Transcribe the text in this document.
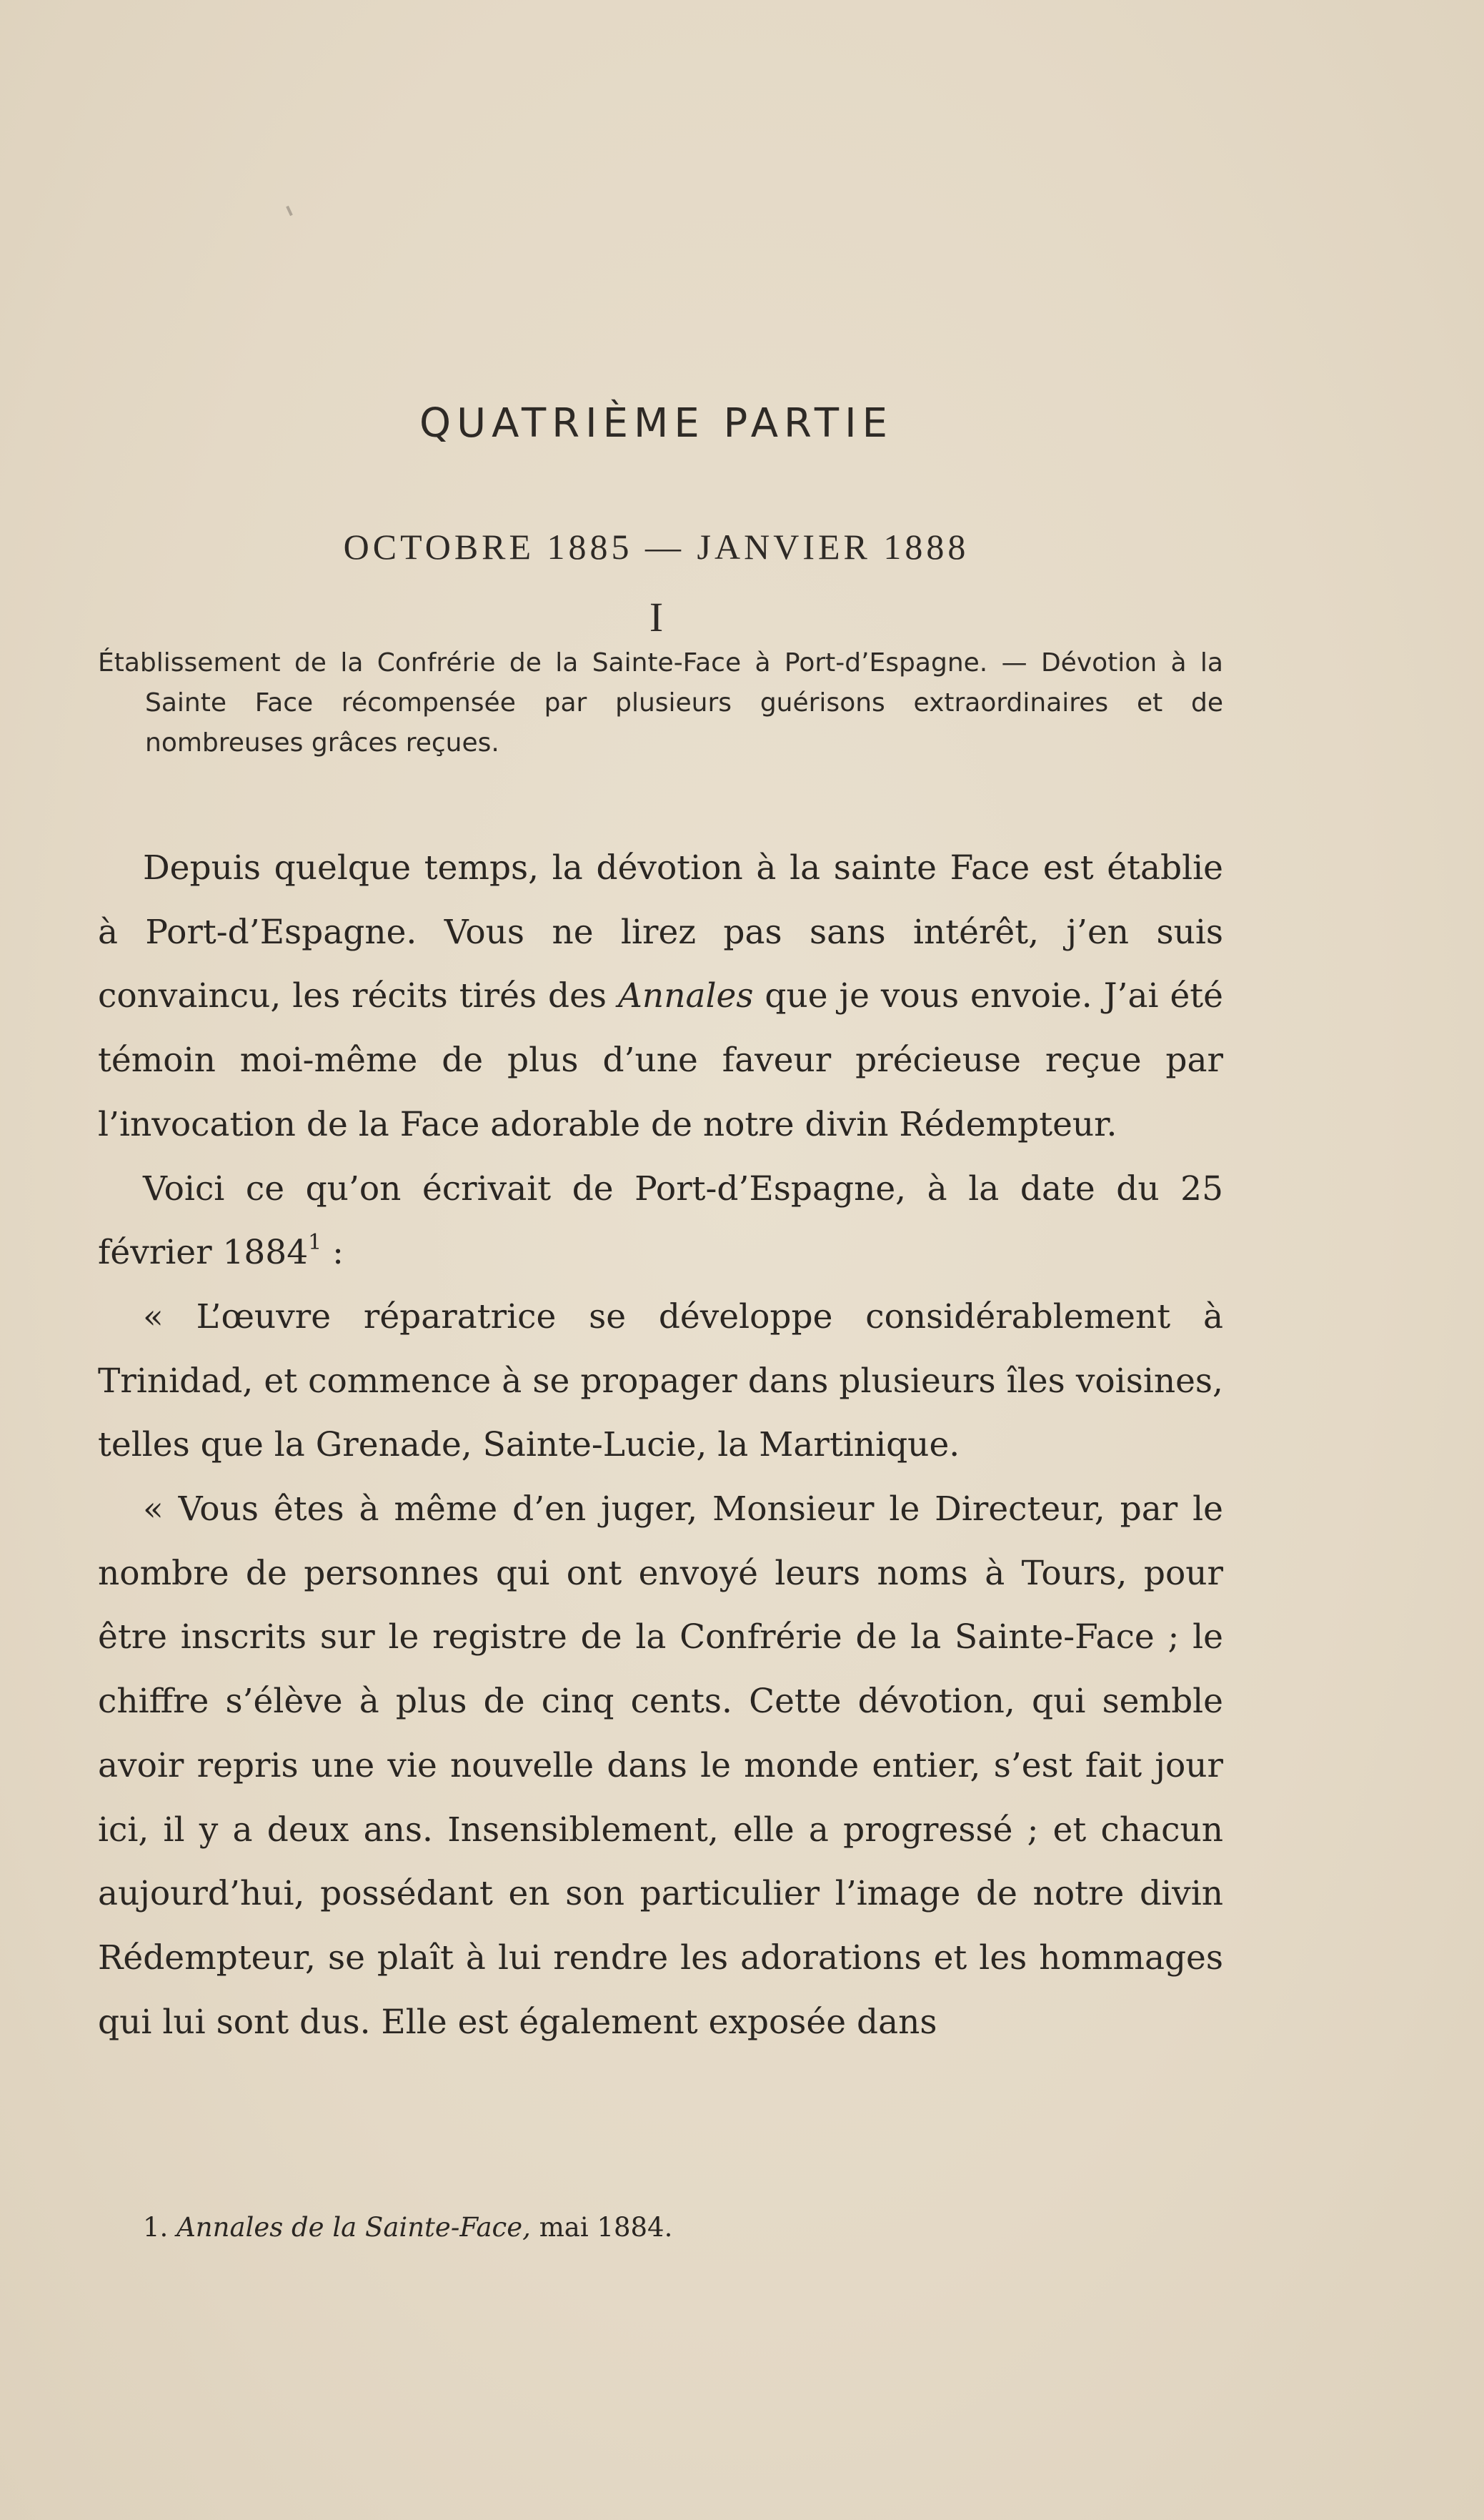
QUATRIÈME PARTIE
OCTOBRE 1885 — JANVIER 1888
I

Établissement de la Confrérie de la Sainte-Face à Port-d’Espagne. — Dévotion à la Sainte Face récompensée par plusieurs guérisons extraordinaires et de nombreuses grâces reçues.

Depuis quelque temps, la dévotion à la sainte Face est établie à Port-d’Espagne. Vous ne lirez pas sans intérêt, j’en suis convaincu, les récits tirés des Annales que je vous envoie. J’ai été témoin moi-même de plus d’une faveur précieuse reçue par l’invocation de la Face adorable de notre divin Rédempteur.

Voici ce qu’on écrivait de Port-d’Espagne, à la date du 25 février 1884$^1$ :

« L’œuvre réparatrice se développe considérablement à Trinidad, et commence à se propager dans plusieurs îles voisines, telles que la Grenade, Sainte-Lucie, la Martinique.

« Vous êtes à même d’en juger, Monsieur le Directeur, par le nombre de personnes qui ont envoyé leurs noms à Tours, pour être inscrits sur le registre de la Confrérie de la Sainte-Face ; le chiffre s’élève à plus de cinq cents. Cette dévotion, qui semble avoir repris une vie nouvelle dans le monde entier, s’est fait jour ici, il y a deux ans. Insensiblement, elle a progressé ; et chacun aujourd’hui, possédant en son particulier l’image de notre divin Rédempteur, se plaît à lui rendre les adorations et les hommages qui lui sont dus. Elle est également exposée dans

1. Annales de la Sainte-Face, mai 1884.
